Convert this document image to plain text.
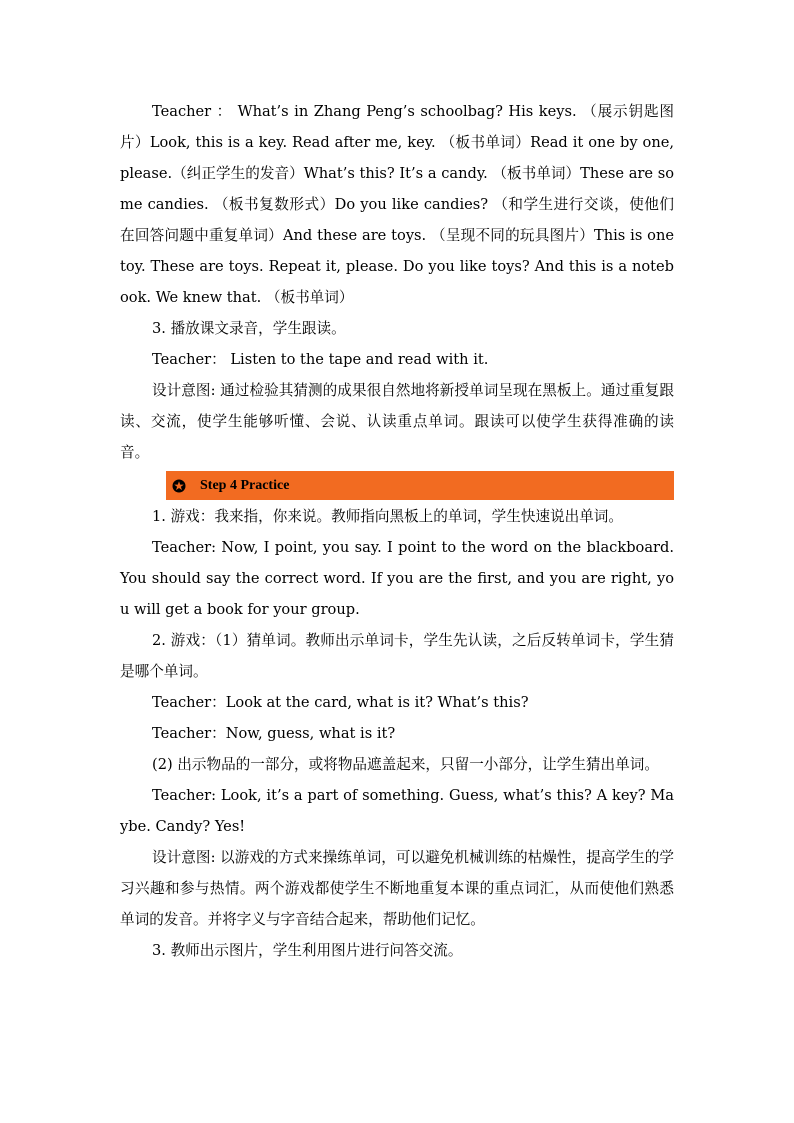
Teacher ： What’s in Zhang Peng’s schoolbag? His keys. （展示钥匙图片）Look, this is a key. Read after me, key. （板书单词）Read it one by one, please.（纠正学生的发音）What’s this? It’s a candy. （板书单词）These are some candies. （板书复数形式）Do you like candies? （和学生进行交谈，使他们在回答问题中重复单词）And these are toys. （呈现不同的玩具图片）This is one toy. These are toys. Repeat it, please. Do you like toys? And this is a notebook. We knew that. （板书单词）

3. 播放课文录音，学生跟读。

Teacher： Listen to the tape and read with it.

设计意图: 通过检验其猜测的成果很自然地将新授单词呈现在黑板上。通过重复跟读、交流，使学生能够听懂、会说、认读重点单词。跟读可以使学生获得准确的读音。

Step 4 Practice

1. 游戏：我来指，你来说。教师指向黑板上的单词，学生快速说出单词。

Teacher: Now, I point, you say. I point to the word on the blackboard. You should say the correct word. If you are the first, and you are right, you will get a book for your group.

2. 游戏：（1）猜单词。教师出示单词卡，学生先认读，之后反转单词卡，学生猜是哪个单词。

Teacher：Look at the card, what is it? What’s this?

Teacher：Now, guess, what is it?

(2) 出示物品的一部分，或将物品遮盖起来，只留一小部分，让学生猜出单词。

Teacher: Look, it’s a part of something. Guess, what’s this? A key? Maybe. Candy? Yes!

设计意图: 以游戏的方式来操练单词，可以避免机械训练的枯燥性，提高学生的学习兴趣和参与热情。两个游戏都使学生不断地重复本课的重点词汇，从而使他们熟悉单词的发音。并将字义与字音结合起来，帮助他们记忆。

3. 教师出示图片，学生利用图片进行问答交流。
